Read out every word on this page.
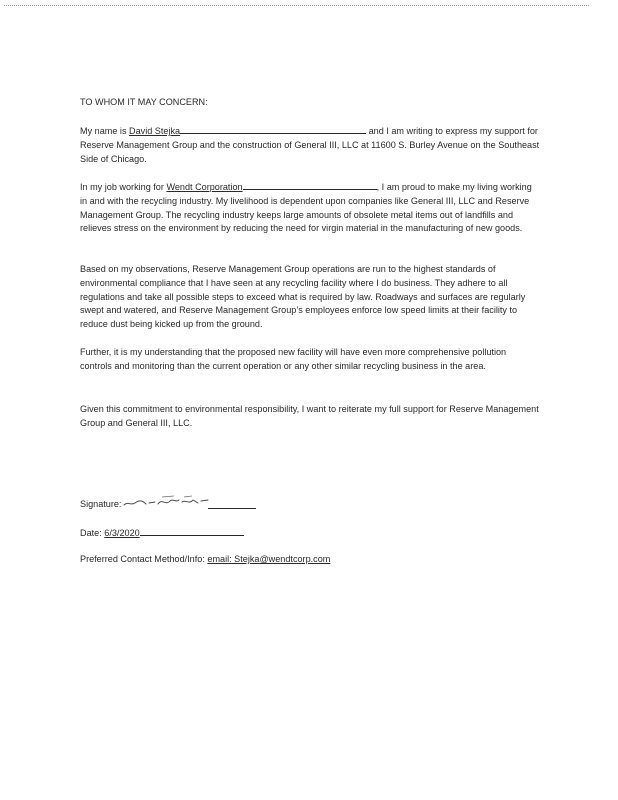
TO WHOM IT MAY CONCERN:

My name is David Stejka	and I am writing to express my support for Reserve Management Group and the construction of General III, LLC at 11600 S. Burley Avenue on the Southeast Side of Chicago.

In my job working for Wendt Corporation	, I am proud to make my living working in and with the recycling industry. My livelihood is dependent upon companies like General III, LLC and Reserve Management Group. The recycling industry keeps large amounts of obsolete metal items out of landfills and relieves stress on the environment by reducing the need for virgin material in the manufacturing of new goods.

Based on my observations, Reserve Management Group operations are run to the highest standards of environmental compliance that I have seen at any recycling facility where I do business. They adhere to all regulations and take all possible steps to exceed what is required by law. Roadways and surfaces are regularly swept and watered, and Reserve Management Group’s employees enforce low speed limits at their facility to reduce dust being kicked up from the ground.

Further, it is my understanding that the proposed new facility will have even more comprehensive pollution controls and monitoring than the current operation or any other similar recycling business in the area.

Given this commitment to environmental responsibility, I want to reiterate my full support for Reserve Management Group and General III, LLC.

Signature:
Date: 6/3/2020
Preferred Contact Method/Info: email: Stejka@wendtcorp.com
